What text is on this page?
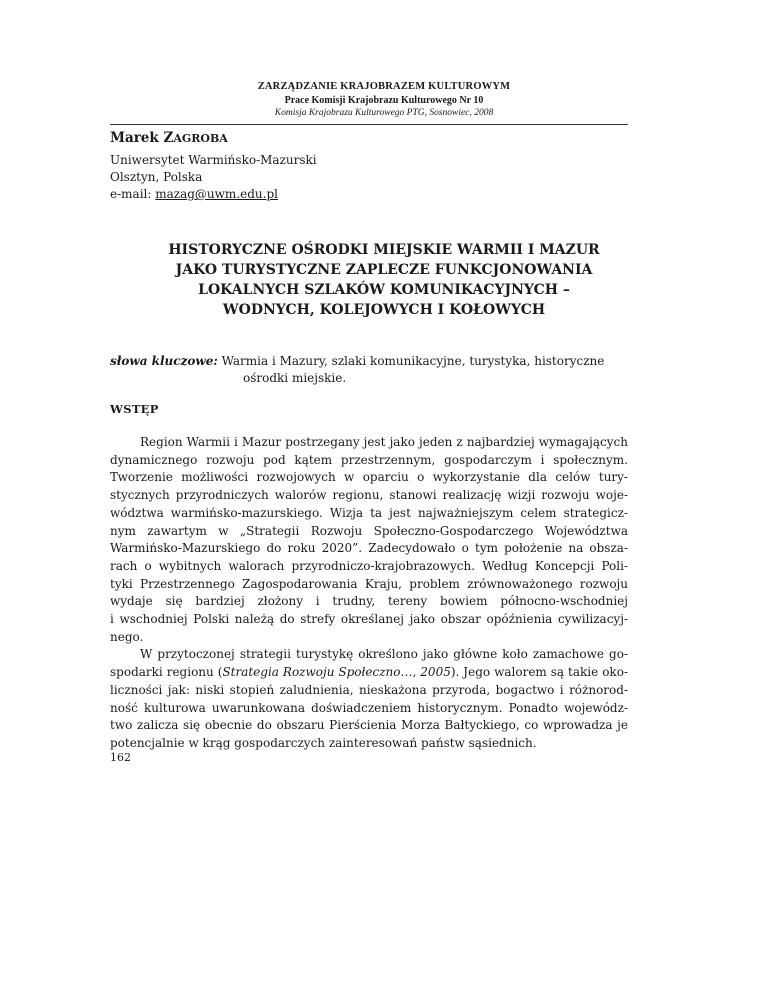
ZARZĄDZANIE KRAJOBRAZEM KULTUROWYM
Prace Komisji Krajobrazu Kulturowego Nr 10
Komisja Krajobrazu Kulturowego PTG, Sosnowiec, 2008
Marek ZAGROBA
Uniwersytet Warmińsko-Mazurski
Olsztyn, Polska
e-mail: mazag@uwm.edu.pl
HISTORYCZNE OŚRODKI MIEJSKIE WARMII I MAZUR
JAKO TURYSTYCZNE ZAPLECZE FUNKCJONOWANIA
LOKALNYCH SZLAKÓW KOMUNIKACYJNYCH –
WODNYCH, KOLEJOWYCH I KOŁOWYCH
słowa kluczowe: Warmia i Mazury, szlaki komunikacyjne, turystyka, historyczne
ośrodki miejskie.
WSTĘP
Region Warmii i Mazur postrzegany jest jako jeden z najbardziej wymagających
dynamicznego rozwoju pod kątem przestrzennym, gospodarczym i społecznym.
Tworzenie możliwości rozwojowych w oparciu o wykorzystanie dla celów tury-
stycznych przyrodniczych walorów regionu, stanowi realizację wizji rozwoju woje-
wództwa warmińsko-mazurskiego. Wizja ta jest najważniejszym celem strategicz-
nym zawartym w „Strategii Rozwoju Społeczno-Gospodarczego Województwa
Warmińsko-Mazurskiego do roku 2020”. Zadecydowało o tym położenie na obsza-
rach o wybitnych walorach przyrodniczo-krajobrazowych. Według Koncepcji Poli-
tyki Przestrzennego Zagospodarowania Kraju, problem zrównoważonego rozwoju
wydaje się bardziej złożony i trudny, tereny bowiem północno-wschodniej
i wschodniej Polski należą do strefy określanej jako obszar opóźnienia cywilizacyj-
nego.
W przytoczonej strategii turystykę określono jako główne koło zamachowe go-
spodarki regionu (Strategia Rozwoju Społeczno…, 2005). Jego walorem są takie oko-
liczności jak: niski stopień zaludnienia, nieskażona przyroda, bogactwo i różnorod-
ność kulturowa uwarunkowana doświadczeniem historycznym. Ponadto wojewódz-
two zalicza się obecnie do obszaru Pierścienia Morza Bałtyckiego, co wprowadza je
potencjalnie w krąg gospodarczych zainteresowań państw sąsiednich.
162
